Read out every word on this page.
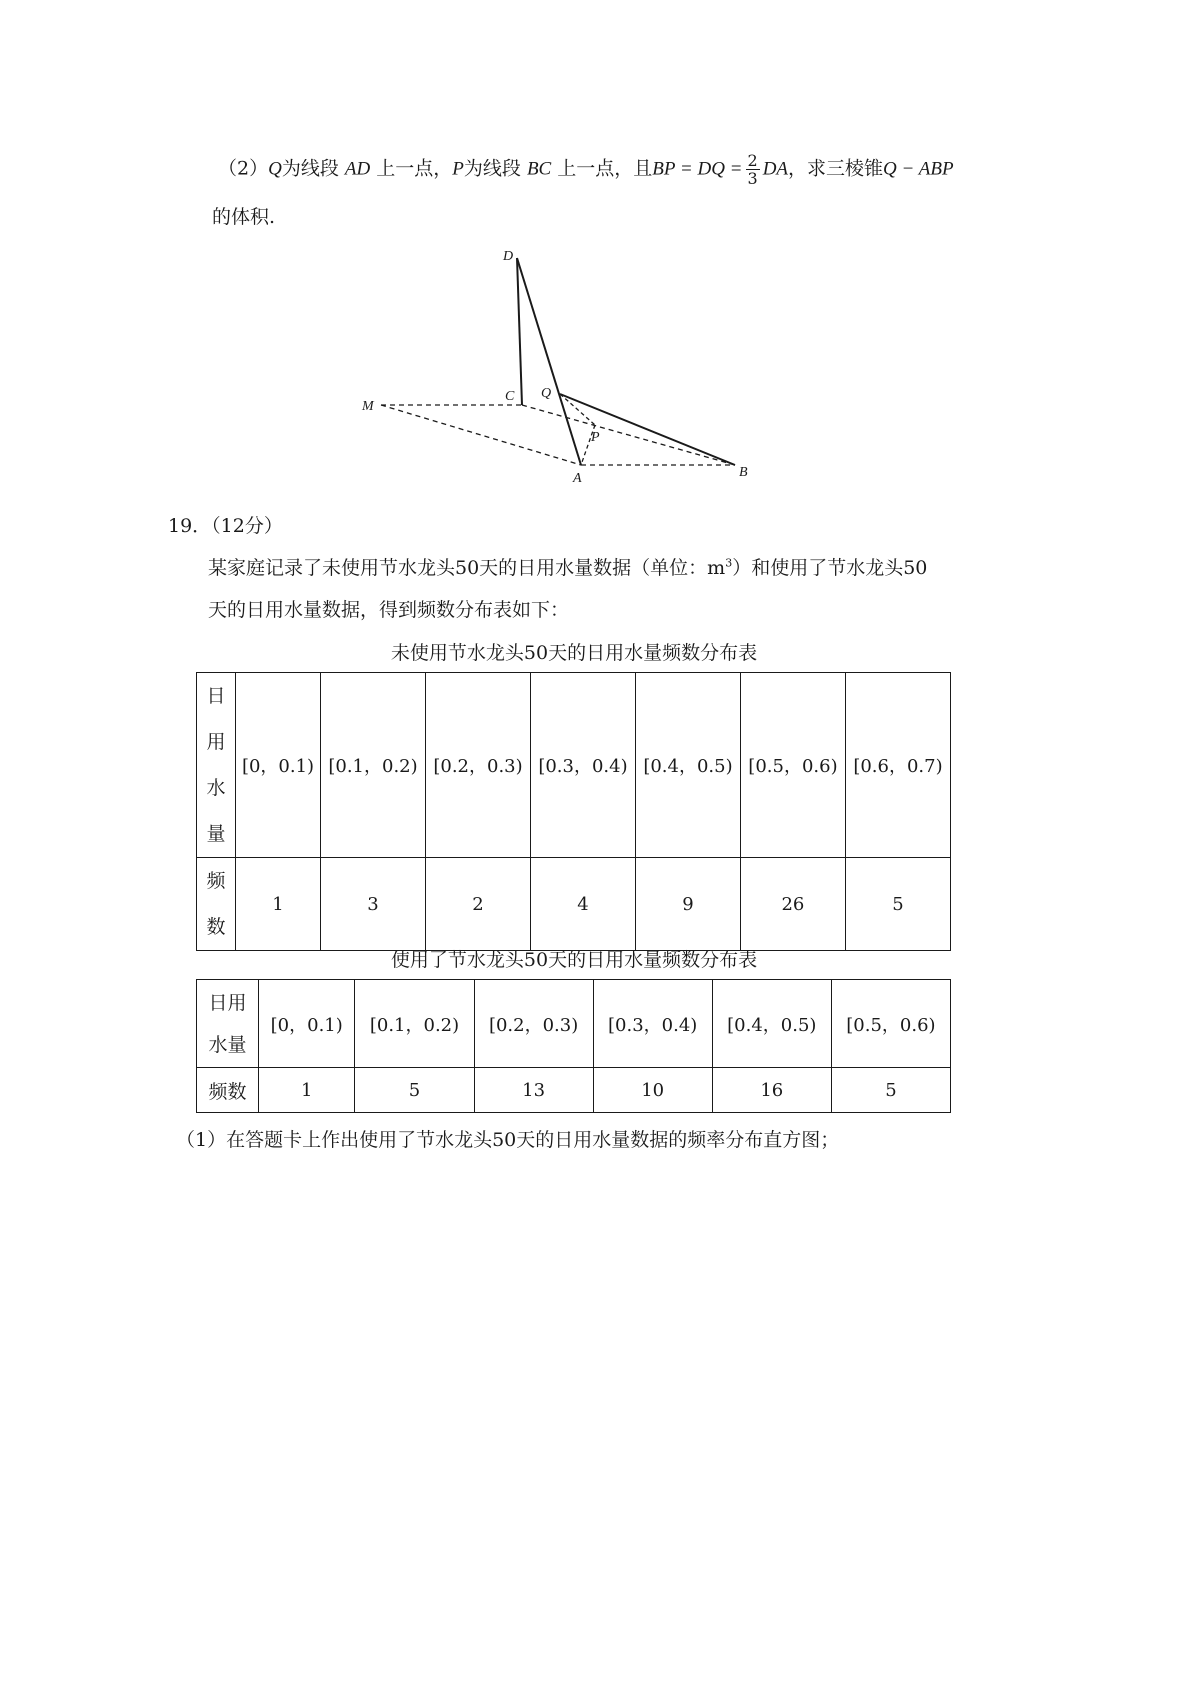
（2）Q为线段 AD 上一点，P为线段 BC 上一点，且BP = DQ = $\frac{2}{3}$ DA，求三棱锥Q − ABP
的体积.
D
C Q
M
P
A	B
19．（12分）
某家庭记录了未使用节水龙头50天的日用水量数据（单位：$m^3$）和使用了节水龙头50
天的日用水量数据，得到频数分布表如下：
未使用节水龙头50天的日用水量频数分布表
日
用
水
量	[0，0.1)	[0.1，0.2)	[0.2，0.3)	[0.3，0.4)	[0.4，0.5)	[0.5，0.6)	[0.6，0.7)

频
数	1	3	2	4	9	26	5
使用了节水龙头50天的日用水量频数分布表
日用
水量	[0，0.1)	[0.1，0.2)	[0.2，0.3)	[0.3，0.4)	[0.4，0.5)	[0.5，0.6)
频数	1	5	13	10	16	5
（1）在答题卡上作出使用了节水龙头50天的日用水量数据的频率分布直方图；
